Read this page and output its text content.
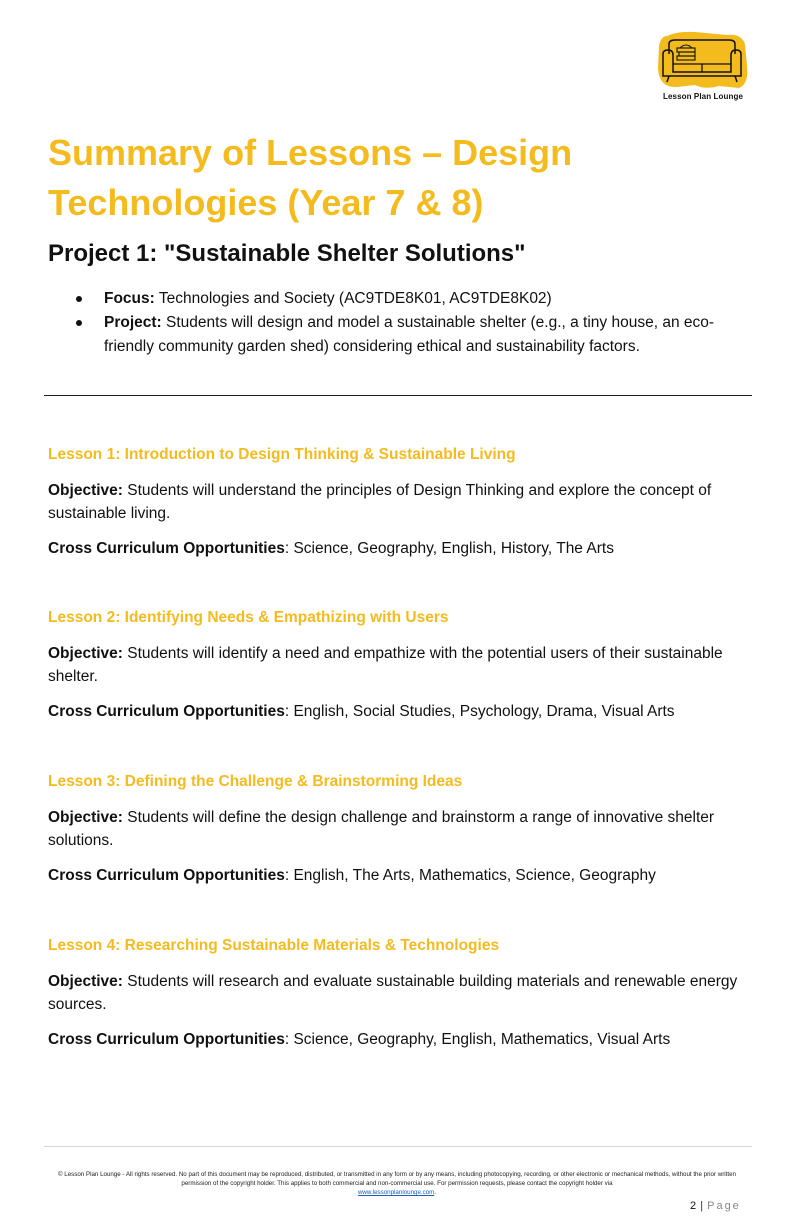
Lesson Plan Lounge
Summary of Lessons – Design Technologies (Year 7 & 8)
Project 1: "Sustainable Shelter Solutions"
Focus: Technologies and Society (AC9TDE8K01, AC9TDE8K02)
Project: Students will design and model a sustainable shelter (e.g., a tiny house, an eco-friendly community garden shed) considering ethical and sustainability factors.
Lesson 1: Introduction to Design Thinking & Sustainable Living

Objective: Students will understand the principles of Design Thinking and explore the concept of sustainable living.

Cross Curriculum Opportunities: Science, Geography, English, History, The Arts

Lesson 2: Identifying Needs & Empathizing with Users

Objective: Students will identify a need and empathize with the potential users of their sustainable shelter.

Cross Curriculum Opportunities: English, Social Studies, Psychology, Drama, Visual Arts

Lesson 3: Defining the Challenge & Brainstorming Ideas

Objective: Students will define the design challenge and brainstorm a range of innovative shelter solutions.

Cross Curriculum Opportunities: English, The Arts, Mathematics, Science, Geography

Lesson 4: Researching Sustainable Materials & Technologies

Objective: Students will research and evaluate sustainable building materials and renewable energy sources.

Cross Curriculum Opportunities: Science, Geography, English, Mathematics, Visual Arts

© Lesson Plan Lounge - All rights reserved. No part of this document may be reproduced, distributed, or transmitted in any form or by any means, including photocopying, recording, or other electronic or mechanical methods, without the prior written permission of the copyright holder. This applies to both commercial and non-commercial use. For permission requests, please contact the copyright holder via
www.lessonplanlounge.com.
2 | Page
